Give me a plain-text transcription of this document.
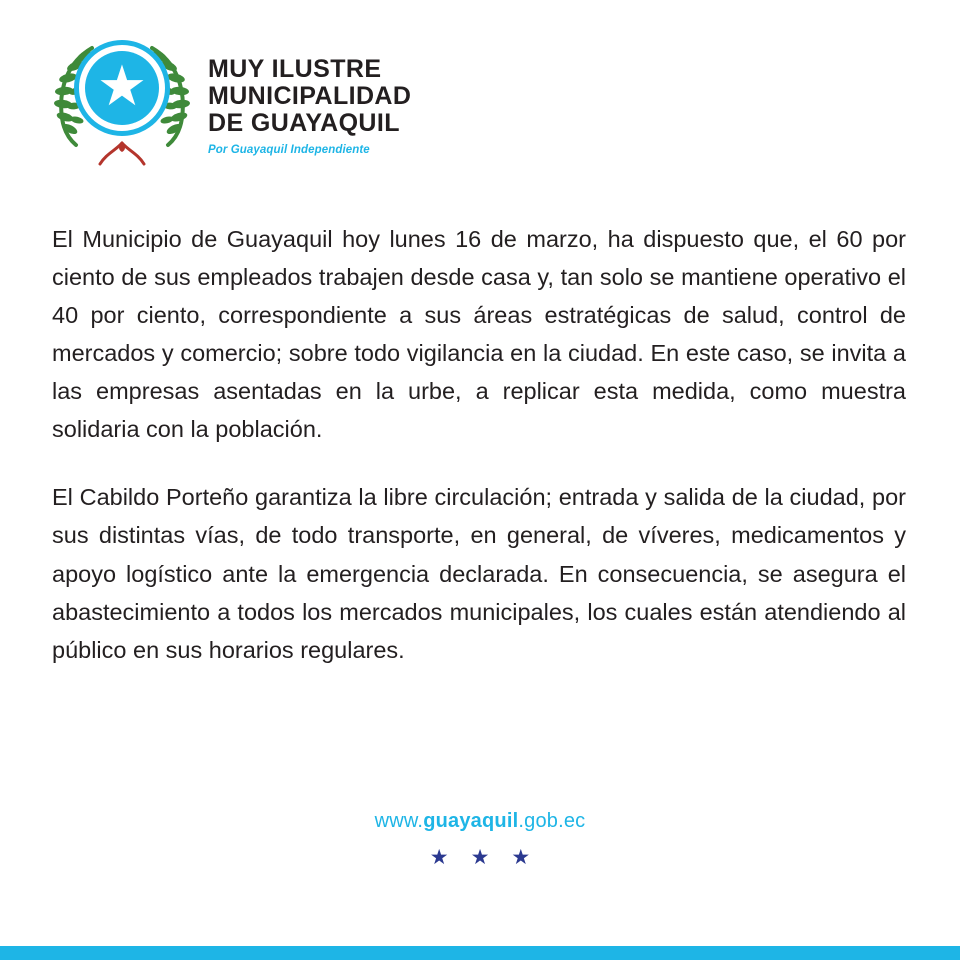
★ MUY ILUSTRE
MUNICIPALIDAD
DE GUAYAQUIL
Por Guayaquil Independiente

El Municipio de Guayaquil hoy lunes 16 de marzo, ha dispuesto que, el 60 por ciento de sus empleados trabajen desde casa y, tan solo se mantiene operativo el 40 por ciento, correspondiente a sus áreas estratégicas de salud, control de mercados y comercio; sobre todo vigilancia en la ciudad. En este caso, se invita a las empresas asentadas en la urbe, a replicar esta medida, como muestra solidaria con la población.

El Cabildo Porteño garantiza la libre circulación; entrada y salida de la ciudad, por sus distintas vías, de todo transporte, en general, de víveres, medicamentos y apoyo logístico ante la emergencia declarada. En consecuencia, se asegura el abastecimiento a todos los mercados municipales, los cuales están atendiendo al público en sus horarios regulares.

www.guayaquil.gob.ec
★ ★ ★
